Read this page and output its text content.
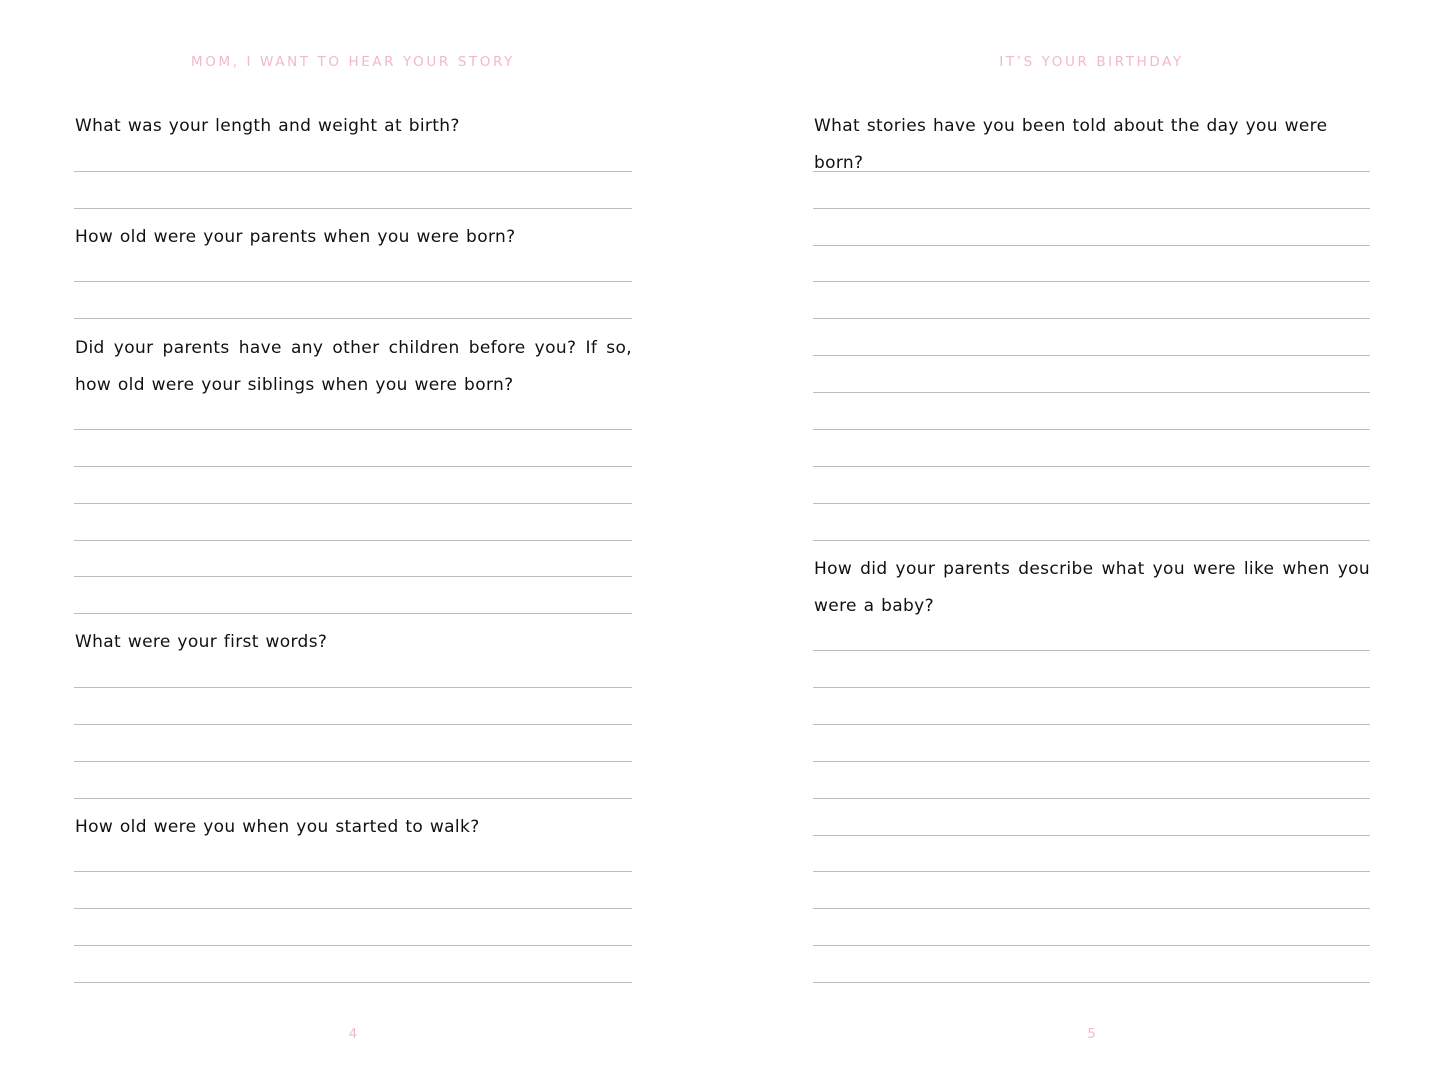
MOM, I WANT TO HEAR YOUR STORY

What was your length and weight at birth?

How old were your parents when you were born?

Did your parents have any other children before you? If so, how old were your siblings when you were born?

What were your first words?

How old were you when you started to walk?

4
IT’S YOUR BIRTHDAY

What stories have you been told about the day you were born?

How did your parents describe what you were like when you were a baby?

5
